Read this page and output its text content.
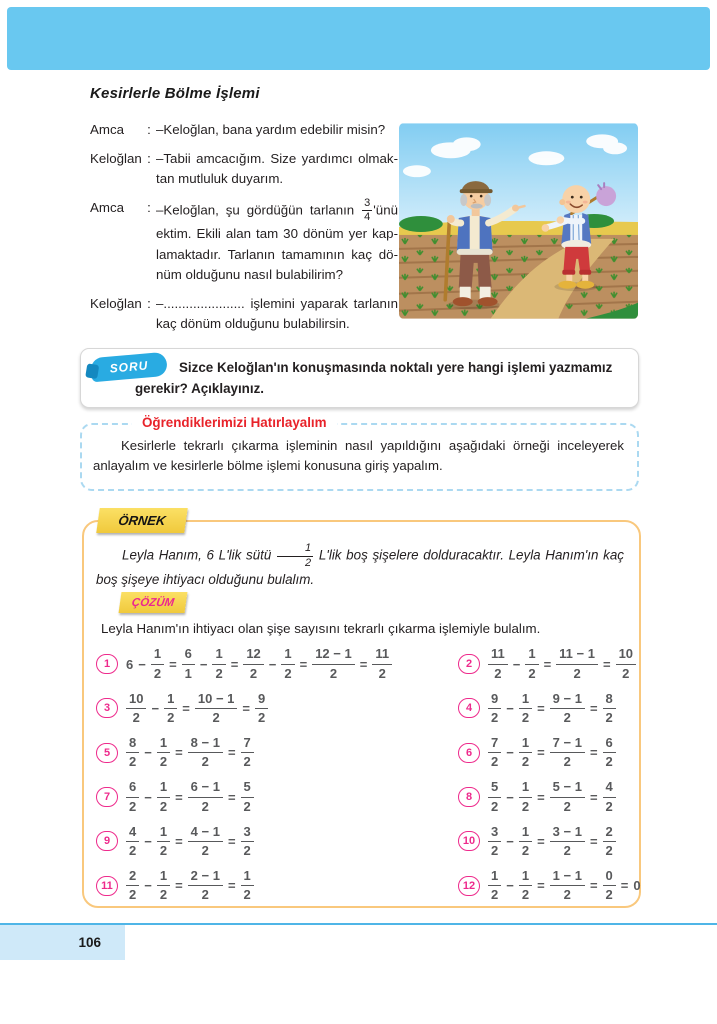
Kesirlerle Bölme İşlemi
Amca	: –Keloğlan, bana yardım edebilir misin?
Keloğlan : –Tabii amcacığım. Size yardımcı olmaktan mutluluk duyarım.
Amca	: –Keloğlan, şu gördüğün tarlanın $\frac{3}{4}$ 'ünü ektim. Ekili alan tam 30 dönüm yer kaplamaktadır. Tarlanın tamamının kaç dönüm olduğunu nasıl bulabilirim?
Keloğlan : –...................... işlemini yaparak tarlanın kaç dönüm olduğunu bulabilirsin.
SORU	Sizce Keloğlan'ın konuşmasında noktalı yere hangi işlemi yazmamız gerekir? Açıklayınız.
Öğrendiklerimizi Hatırlayalım
Kesirlerle tekrarlı çıkarma işleminin nasıl yapıldığını aşağıdaki örneği inceleyerek anlayalım ve kesirlerle bölme işlemi konusuna giriş yapalım.
ÖRNEK

Leyla Hanım, 6 L'lik sütü $\frac{1}{2} L'lik$ boş şişelere dolduracaktır. Leyla Hanım'ın kaç boş şişeye ihtiyacı olduğunu bulalım.

ÇÖZÜM
Leyla Hanım'ın ihtiyacı olan şişe sayısını tekrarlı çıkarma işlemiyle bulalım.
1	$6 - \frac{1}{2} = \frac{6}{1} - \frac{1}{2} = \frac{12}{2} - \frac{1}{2} = \frac{12 - 1}{2} = \frac{11}{2}$	2	$\frac{11}{2} - \frac{1}{2} = \frac{11 - 1}{2} = \frac{10}{2}$
3	$\frac{10}{2} - \frac{1}{2} = \frac{10 - 1}{2} = \frac{9}{2}$	4	$\frac{9}{2} - \frac{1}{2} = \frac{9 - 1}{2} = \frac{8}{2}$
5	$\frac{8}{2} - \frac{1}{2} = \frac{8 - 1}{2} = \frac{7}{2}$	6	$\frac{7}{2} - \frac{1}{2} = \frac{7 - 1}{2} = \frac{6}{2}$
7	$\frac{6}{2} - \frac{1}{2} = \frac{6 - 1}{2} = \frac{5}{2}$	8	$\frac{5}{2} - \frac{1}{2} = \frac{5 - 1}{2} = \frac{4}{2}$
9	$\frac{4}{2} - \frac{1}{2} = \frac{4 - 1}{2} = \frac{3}{2}$	$10 \frac{3}{2} - \frac{1}{2} = \frac{3 - 1}{2} = \frac{2}{2}$
11	$\frac{2}{2} - \frac{1}{2} = \frac{2 - 1}{2} = \frac{1}{2}$	$12 \frac{1}{2} - \frac{1}{2} = \frac{1 - 1}{2} = \frac{0}{2} = 0$
106
